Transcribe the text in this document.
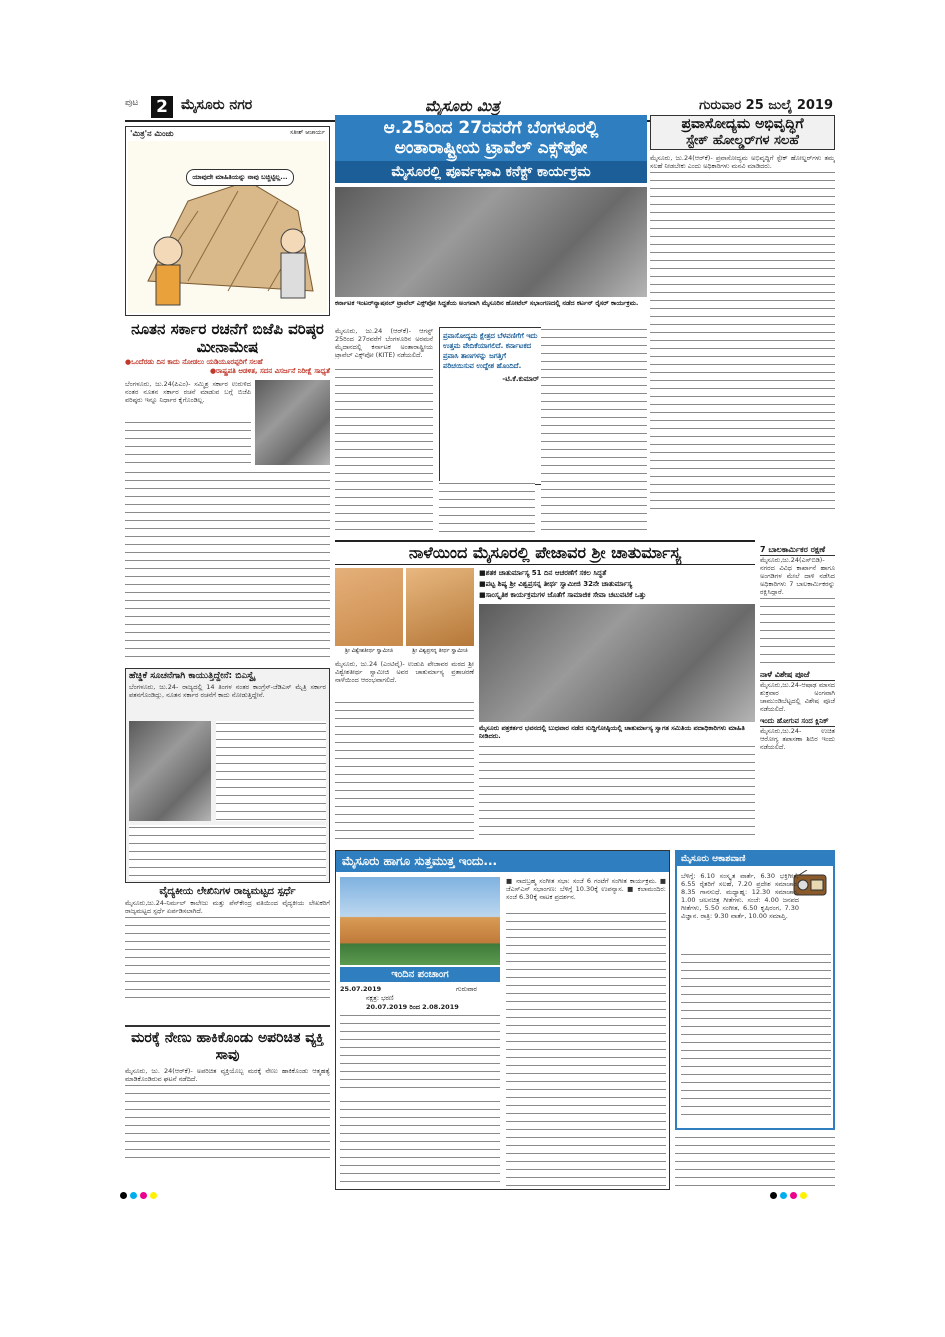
ಪುಟ 2 ಮೈಸೂರು ನಗರ	ಮೈಸೂರು ಮಿತ್ರ	ಗುರುವಾರ 25 ಜುಲೈ 2019
'ಮಿತ್ರ'ನ ಮಿಂಚು	ಸತೀಶ್ ಆಚಾರ್ಯ
ಯಾವುದೇ ಮಾಹಿತಿಯನ್ನು ನಾವು ಬಚ್ಚಿಟ್ಟಿಲ್ಲ...
ನೂತನ ಸರ್ಕಾರ ರಚನೆಗೆ ಬಿಜೆಪಿ ವರಿಷ್ಠರ ಮೀನಾಮೇಷ
●ಒಂದೆರಡು ದಿನ ಕಾದು ನೋಡಲು ಯಡಿಯೂರಪ್ಪರಿಗೆ ಸಲಹೆ
●ರಾಷ್ಟ್ರಪತಿ ಆಡಳಿತ, ಸದನ ವಿಸರ್ಜನೆ ನಿರೀಕ್ಷೆ ಸಾಧ್ಯತೆ
ಬೆಂಗಳೂರು, ಜು.24(ಪಿಎಂ)- ಸಮ್ಮಿಶ್ರ ಸರ್ಕಾರ ಉರುಳಿದ ನಂತರ ನೂತನ ಸರ್ಕಾರ ರಚನೆ ಮಾಡುವ ಬಗ್ಗೆ ಬಿಜೆಪಿ ವರಿಷ್ಠರು ಇನ್ನೂ ನಿರ್ಧಾರ ಕೈಗೊಂಡಿಲ್ಲ.
ಹೆಚ್ಡಿಕೆ ಸೂಚನೆಗಾಗಿ ಕಾಯುತ್ತಿದ್ದೇನೆ: ಬಿಎಸ್ವೈ
ಬೆಂಗಳೂರು, ಜು.24- ರಾಜ್ಯದಲ್ಲಿ 14 ತಿಂಗಳ ನಂತರ ಕಾಂಗ್ರೆಸ್-ಜೆಡಿಎಸ್ ಮೈತ್ರಿ ಸರ್ಕಾರ ಪತನಗೊಂಡಿದ್ದು, ನೂತನ ಸರ್ಕಾರ ರಚನೆಗೆ ಕಾದು ನೋಡುತ್ತಿದ್ದೇನೆ.
ವೈದ್ಯಕೀಯ ಲೇಖಿನಿಗಳ ರಾಜ್ಯಮಟ್ಟದ ಸ್ಪರ್ಧೆ
ಮೈಸೂರು,ಜು.24-ನಿರ್ಮಲ್ ಕಾಲೇಜು ಮತ್ತು ಪೆನ್‌ಕೇಂದ್ರ ವತಿಯಿಂದ ವೈದ್ಯಕೀಯ ಲೇಖಕರಿಗೆ ರಾಜ್ಯಮಟ್ಟದ ಸ್ಪರ್ಧೆ ಏರ್ಪಡಿಸಲಾಗಿದೆ.
ಮರಕ್ಕೆ ನೇಣು ಹಾಕಿಕೊಂಡು ಅಪರಿಚಿತ ವ್ಯಕ್ತಿ ಸಾವು
ಮೈಸೂರು, ಜು. 24(ಆರ್‌ಕೆ)- ಅಪರಿಚಿತ ವ್ಯಕ್ತಿಯೊಬ್ಬ ಮರಕ್ಕೆ ನೇಣು ಹಾಕಿಕೊಂಡು ಆತ್ಮಹತ್ಯೆ ಮಾಡಿಕೊಂಡಿರುವ ಘಟನೆ ನಡೆದಿದೆ.
ಆ.25ರಿಂದ 27ರವರೆಗೆ ಬೆಂಗಳೂರಲ್ಲಿ
ಅಂತಾರಾಷ್ಟ್ರೀಯ ಟ್ರಾವೆಲ್ ಎಕ್ಸ್‌ಪೋ
ಮೈಸೂರಲ್ಲಿ ಪೂರ್ವಭಾವಿ ಕನೆಕ್ಟ್ ಕಾರ್ಯಕ್ರಮ
ಕರ್ನಾಟಕ ಇಂಟರ್‌ನ್ಯಾಷನಲ್ ಟ್ರಾವೆಲ್ ಎಕ್ಸ್‌ಪೋ ಸಿದ್ಧತೆಯ ಅಂಗವಾಗಿ ಮೈಸೂರಿನ ಹೋಟೆಲ್ ಸಭಾಂಗಣದಲ್ಲಿ ನಡೆದ ಕರ್ಟನ್ ರೈಸರ್ ಕಾರ್ಯಕ್ರಮ.
ಮೈಸೂರು, ಜು.24 (ಆರ್‌ಕೆ)- ಆಗಸ್ಟ್ 25ರಿಂದ 27ರವರೆಗೆ ಬೆಂಗಳೂರಿನ ಅರಮನೆ ಮೈದಾನದಲ್ಲಿ ಕರ್ನಾಟಕ ಅಂತಾರಾಷ್ಟ್ರೀಯ ಟ್ರಾವೆಲ್ ಎಕ್ಸ್‌ಪೋ (KITE) ನಡೆಯಲಿದೆ.
ಪ್ರವಾಸೋದ್ಯಮ ಕ್ಷೇತ್ರದ ಬೆಳವಣಿಗೆಗೆ ಇದು ಉತ್ತಮ ವೇದಿಕೆಯಾಗಲಿದೆ. ಕರ್ನಾಟಕದ ಪ್ರವಾಸಿ ತಾಣಗಳನ್ನು ಜಗತ್ತಿಗೆ ಪರಿಚಯಿಸುವ ಉದ್ದೇಶ ಹೊಂದಿದೆ.
-ಟಿ.ಕೆ.ಕುಮಾರ್
ಪ್ರವಾಸೋದ್ಯಮ ಅಭಿವೃದ್ಧಿಗೆ
ಸ್ಟೇಕ್ ಹೋಲ್ಡರ್‌ಗಳ ಸಲಹೆ
ಮೈಸೂರು, ಜು.24(ಆರ್‌ಕೆ)- ಪ್ರವಾಸೋದ್ಯಮ ಅಭಿವೃದ್ಧಿಗೆ ಸ್ಟೇಕ್ ಹೋಲ್ಡರ್‌ಗಳು ತಮ್ಮ ಸಲಹೆ ನೀಡಬೇಕು ಎಂದು ಅಧಿಕಾರಿಗಳು ಮನವಿ ಮಾಡಿದರು.
ನಾಳೆಯಿಂದ ಮೈಸೂರಲ್ಲಿ ಪೇಜಾವರ ಶ್ರೀ ಚಾತುರ್ಮಾಸ್ಯ
ಶ್ರೀ ವಿಶ್ವೇಶತೀರ್ಥ ಸ್ವಾಮೀಜಿ	ಶ್ರೀ ವಿಶ್ವಪ್ರಸನ್ನ ತೀರ್ಥ ಸ್ವಾಮೀಜಿ
■ಶತಕ ಚಾತುರ್ಮಾಸ್ಯ 51 ದಿನ ಆಚರಣೆಗೆ ಸಕಲ ಸಿದ್ಧತೆ
■ಪಟ್ಟ ಶಿಷ್ಯ ಶ್ರೀ ವಿಶ್ವಪ್ರಸನ್ನ ತೀರ್ಥ ಸ್ವಾಮೀಜಿ 32ನೇ ಚಾತುರ್ಮಾಸ್ಯ
■ಸಾಂಸ್ಕೃತಿಕ ಕಾರ್ಯಕ್ರಮಗಳ ಜೊತೆಗೆ ಸಾಮಾಜಿಕ ಸೇವಾ ಚಟುವಟಿಕೆ ಒತ್ತು
ಮೈಸೂರು ಪತ್ರಕರ್ತರ ಭವನದಲ್ಲಿ ಬುಧವಾರ ನಡೆದ ಸುದ್ದಿಗೋಷ್ಠಿಯಲ್ಲಿ ಚಾತುರ್ಮಾಸ್ಯ ಸ್ವಾಗತ ಸಮಿತಿಯ ಪದಾಧಿಕಾರಿಗಳು ಮಾಹಿತಿ ನೀಡಿದರು.
ಮೈಸೂರು, ಜು.24 (ಎಂಟಿವೈ)- ಉಡುಪಿ ಪೇಜಾವರ ಮಠದ ಶ್ರೀ ವಿಶ್ವೇಶತೀರ್ಥ ಸ್ವಾಮೀಜಿ ಅವರ ಚಾತುರ್ಮಾಸ್ಯ ವ್ರತಾಚರಣೆ ನಾಳೆಯಿಂದ ಆರಂಭವಾಗಲಿದೆ.
7 ಬಾಲಕಾರ್ಮಿಕರ ರಕ್ಷಣೆ
ಮೈಸೂರು,ಜು.24(ಎಸ್‌ಬಿಡಿ)- ನಗರದ ವಿವಿಧ ಕಾರ್ಖಾನೆ ಹಾಗೂ ಅಂಗಡಿಗಳ ಮೇಲೆ ದಾಳಿ ನಡೆಸಿದ ಅಧಿಕಾರಿಗಳು 7 ಬಾಲಕಾರ್ಮಿಕರನ್ನು ರಕ್ಷಿಸಿದ್ದಾರೆ.
ನಾಳೆ ವಿಶೇಷ ಪೂಜೆ
ಮೈಸೂರು,ಜು.24-ಆಷಾಢ ಮಾಸದ ಶುಕ್ರವಾರ ಅಂಗವಾಗಿ ಚಾಮುಂಡಿಬೆಟ್ಟದಲ್ಲಿ ವಿಶೇಷ ಪೂಜೆ ನಡೆಯಲಿದೆ.
ಇಂದು ಹೋಗುವ ಸಂದ ಕ್ಲಿನಿಕ್
ಮೈಸೂರು,ಜು.24- ಉಚಿತ ಆರೋಗ್ಯ ತಪಾಸಣಾ ಶಿಬಿರ ಇಂದು ನಡೆಯಲಿದೆ.
ಮೈಸೂರು ಹಾಗೂ ಸುತ್ತಮುತ್ತ ಇಂದು...
ಇಂದಿನ ಪಂಚಾಂಗ
25.07.2019	ಗುರುವಾರ
ನಕ್ಷತ್ರ: ಭರಣಿ
20.07.2019 ರಿಂದ 2.08.2019
■ ನಾದಬ್ರಹ್ಮ ಸಂಗೀತ ಸಭಾ: ಸಂಜೆ 6 ಗಂಟೆಗೆ ಸಂಗೀತ ಕಾರ್ಯಕ್ರಮ. ■ ಜೆಎಸ್‌ಎಸ್ ಸಭಾಂಗಣ: ಬೆಳಿಗ್ಗೆ 10.30ಕ್ಕೆ ಉಪನ್ಯಾಸ. ■ ಕಲಾಮಂದಿರ: ಸಂಜೆ 6.30ಕ್ಕೆ ನಾಟಕ ಪ್ರದರ್ಶನ.
ಮೈಸೂರು ಆಕಾಶವಾಣಿ
ಬೆಳಿಗ್ಗೆ: 6.10 ಸಂಸ್ಕೃತ ವಾರ್ತೆ, 6.30 ಭಕ್ತಿಗೀತೆ, 6.55 ರೈತರಿಗೆ ಸಲಹೆ, 7.20 ಪ್ರದೇಶ ಸಮಾಚಾರ, 8.35 ಗಾನಸುಧೆ. ಮಧ್ಯಾಹ್ನ: 12.30 ಸಮಾಚಾರ, 1.00 ಚಲನಚಿತ್ರ ಗೀತೆಗಳು. ಸಂಜೆ: 4.00 ಜನಪದ ಗೀತೆಗಳು, 5.50 ಸಂಗೀತ, 6.50 ಕೃಷಿರಂಗ, 7.30 ವಿಜ್ಞಾನ. ರಾತ್ರಿ: 9.30 ವಾರ್ತೆ, 10.00 ಸಮಾಪ್ತಿ.
